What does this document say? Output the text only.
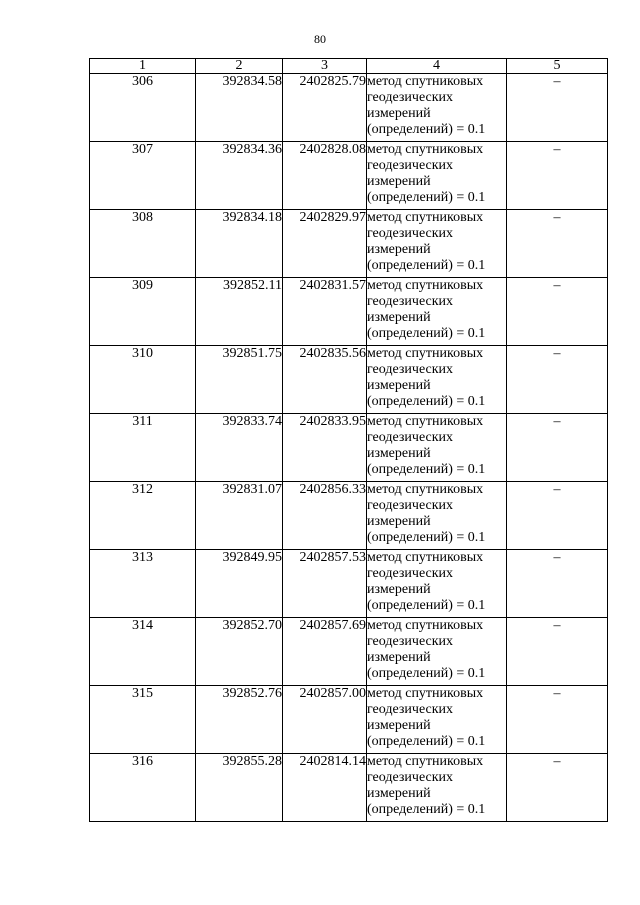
80
1	2	3	4	5
306	392834.58	2402825.79	метод спутниковых
геодезических
измерений
(определений) = 0.1	–
307	392834.36	2402828.08	метод спутниковых
геодезических
измерений
(определений) = 0.1	–
308	392834.18	2402829.97	метод спутниковых
геодезических
измерений
(определений) = 0.1	–
309	392852.11	2402831.57	метод спутниковых
геодезических
измерений
(определений) = 0.1	–
310	392851.75	2402835.56	метод спутниковых
геодезических
измерений
(определений) = 0.1	–
311	392833.74	2402833.95	метод спутниковых
геодезических
измерений
(определений) = 0.1	–
312	392831.07	2402856.33	метод спутниковых
геодезических
измерений
(определений) = 0.1	–
313	392849.95	2402857.53	метод спутниковых
геодезических
измерений
(определений) = 0.1	–
314	392852.70	2402857.69	метод спутниковых
геодезических
измерений
(определений) = 0.1	–
315	392852.76	2402857.00	метод спутниковых
геодезических
измерений
(определений) = 0.1	–
316	392855.28	2402814.14	метод спутниковых
геодезических
измерений
(определений) = 0.1	–
